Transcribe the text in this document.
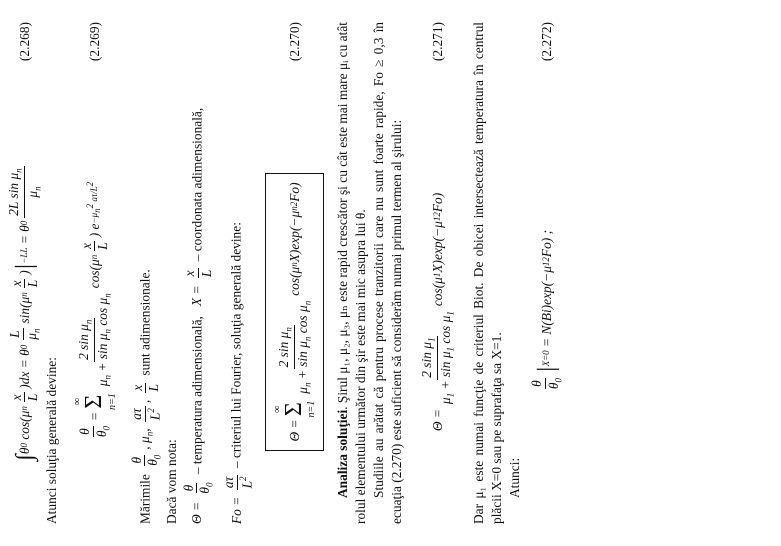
∫
θ
0
cos(μ
n
x L
)
dx
= θ
0
L $\mu_n$
sin(μ
n
x L
)
|
−L
L
= θ
0
2L $\sin \mu_n$
$\mu_n$
(2.268)

Atunci soluţia generală devine: θ $\theta_0$
=
∞
Σ n=1
2 $\sin \mu_n$
$\mu_n + \sin \mu_n$ $\cos \mu_n$
cos(μ
n
x L
) e
$-\mu_n^2$ $a\tau/L^2$
(2.269)

Mărimile
θ $\theta_0$
, $\mu_n$,
aτ $L^2$
,
x L
sunt adimensionale.

Dacă vom nota: Θ =
θ $\theta_0$
– temperatura adimensională,   X =
x L
– coordonata adimensională,

Fo =
aτ $L^2$
– criteriul lui Fourier, soluţia generală devine:	Θ =
∞
Σ n=1
2 $\sin \mu_n$
$\mu_n + \sin \mu_n$ $\cos \mu_n$
cos(μ
n
X)exp(−μ
n
2
Fo)
(2.270)

Analiza soluţiei. Şirul μ₁, μ₂, μ₃, μₙ este rapid crescător şi cu cât este mai mare μᵢ cu atât rolul elementului următor din şir este mai mic asupra lui θ. Studiile au arătat că pentru procese tranzitorii care nu sunt foarte rapide, Fo ≥ 0,3 în ecuaţia (2.270) este suficient să considerăm numai primul termen al şirului:	Θ =
2 $\sin \mu_1$
$\mu_1 + \sin \mu_1$ $\cos \mu_1$
cos(μ
1
X)exp(−μ
1
2
Fo)
(2.271) Dar μ₁ este numai funcţie de criteriul Biot. De obicei intersectează temperatura în centrul plăcii X=0 sau pe suprafaţa sa X=1. Atunci:

θ $\theta_0$
|
X=0
= N(Bi)exp(−μ
1
2
Fo) ;
(2.272)
